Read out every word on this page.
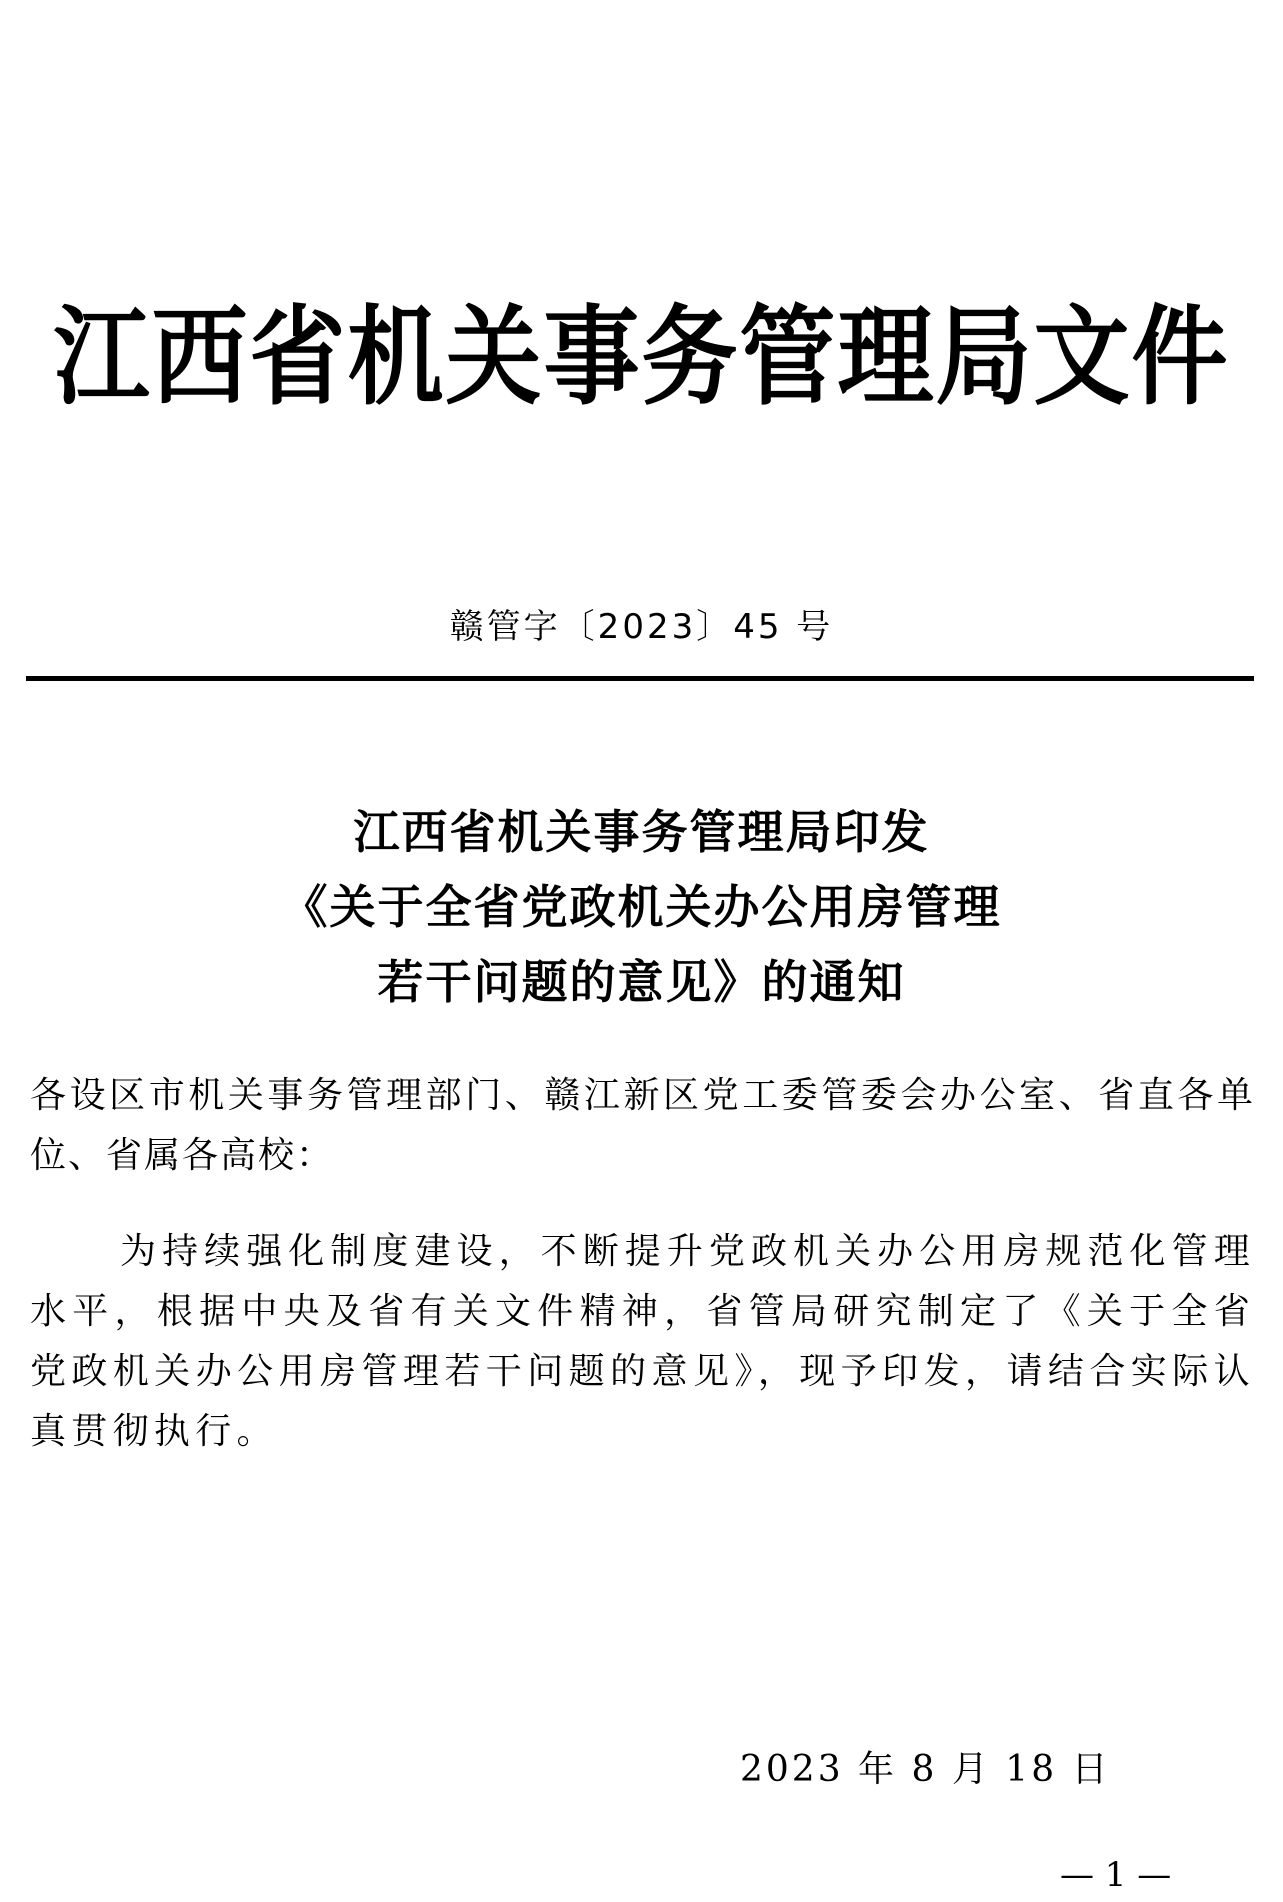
江西省机关事务管理局文件
赣管字〔2023〕45 号
江西省机关事务管理局印发
《关于全省党政机关办公用房管理
若干问题的意见》的通知
各设区市机关事务管理部门、赣江新区党工委管委会办公室、省直各单位、省属各高校：
为持续强化制度建设，不断提升党政机关办公用房规范化管理水平，根据中央及省有关文件精神，省管局研究制定了《关于全省党政机关办公用房管理若干问题的意见》，现予印发，请结合实际认真贯彻执行。
2023 年 8 月 18 日
— 1 —
